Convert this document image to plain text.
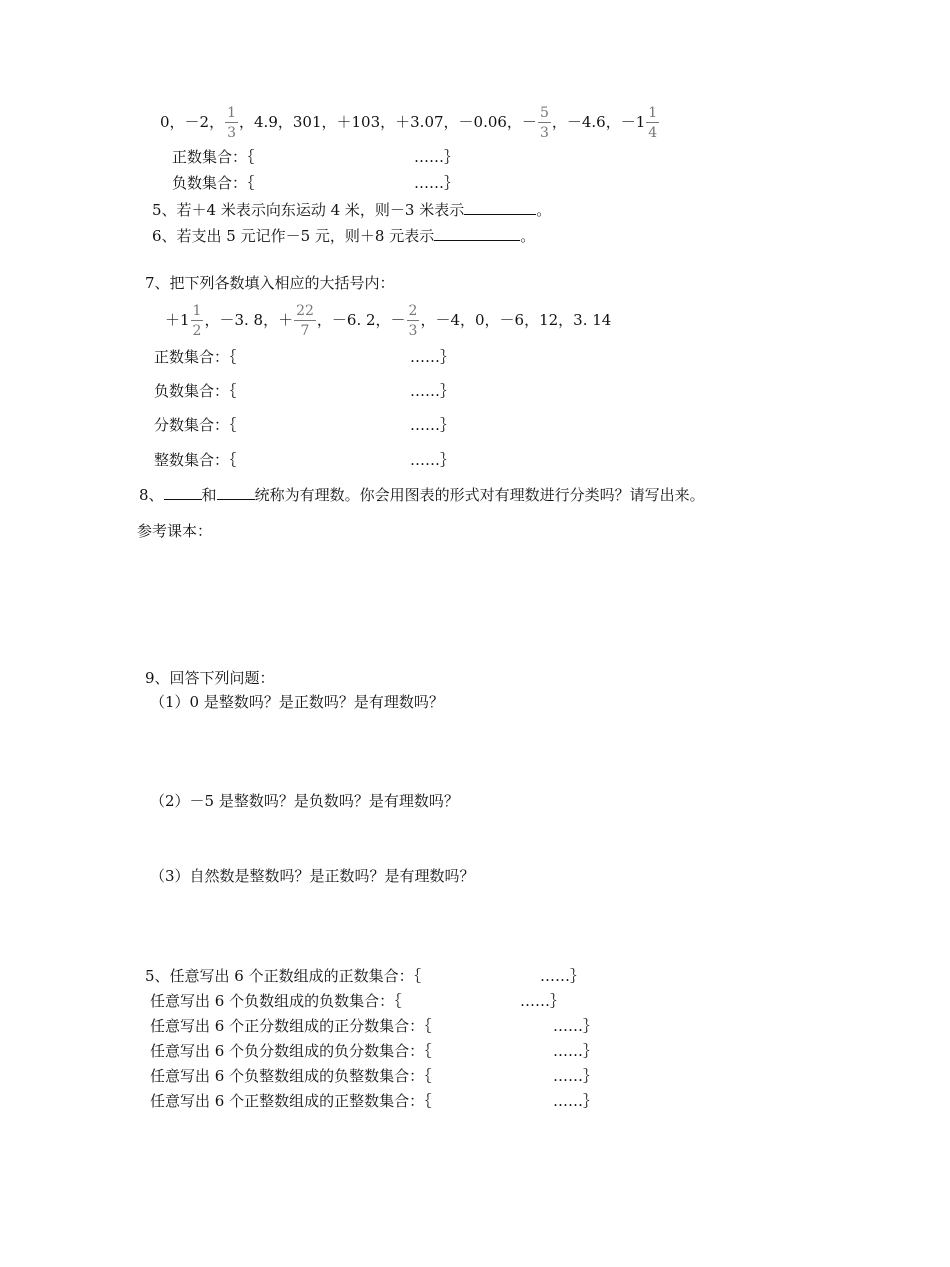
0，－2， $\frac{1}{3}$ ，4.9，301，＋103，＋3.07，－0.06，－ $\frac{5}{3}$ ，－4.6，$-1 \frac{1}{4}$
正数集合：｛	……｝
负数集合：｛	……｝
5、若＋4 米表示向东运动 4 米，则－3 米表示	。
6、若支出 5 元记作－5 元，则＋8 元表示	。
7、把下列各数填入相应的大括号内：
$+1 \frac{1}{2}$ ，－3. 8，＋ $\frac{22}{7}$ ，－6. 2，－ $\frac{2}{3}$ ，－4，0，－6，12，3. 14
正数集合：｛	……｝
负数集合：｛	……｝
分数集合：｛	……｝
整数集合：｛	……｝
8、	和	统称为有理数。你会用图表的形式对有理数进行分类吗？请写出来。
参考课本：
9、回答下列问题：
（1）0 是整数吗？是正数吗？是有理数吗？
（2）－5 是整数吗？是负数吗？是有理数吗？
（3）自然数是整数吗？是正数吗？是有理数吗？
5、任意写出 6 个正数组成的正数集合：｛	……｝
任意写出 6 个负数组成的负数集合：｛	……｝
任意写出 6 个正分数组成的正分数集合：｛	……｝
任意写出 6 个负分数组成的负分数集合：｛	……｝
任意写出 6 个负整数组成的负整数集合：｛	……｝
任意写出 6 个正整数组成的正整数集合：｛	……｝
